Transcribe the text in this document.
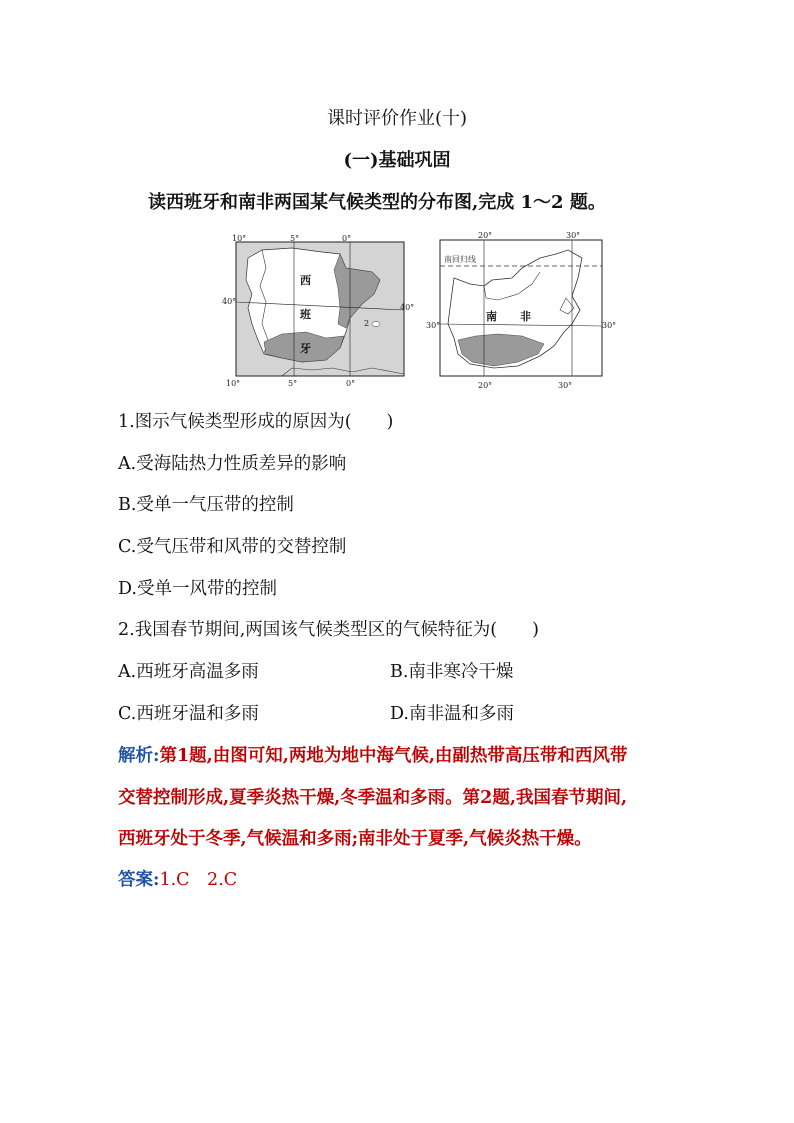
课时评价作业(十)
(一)基础巩固
读西班牙和南非两国某气候类型的分布图,完成 1～2 题。
10°	5°	0°
10°	5°	0°
40°
40°
西
班
牙
2
20°	30°
20°	30°
30°	30°
南回归线
南 非
1.图示气候类型形成的原因为(　　)
A.受海陆热力性质差异的影响
B.受单一气压带的控制
C.受气压带和风带的交替控制
D.受单一风带的控制
2.我国春节期间,两国该气候类型区的气候特征为(　　)
A.西班牙高温多雨	B.南非寒冷干燥
C.西班牙温和多雨	D.南非温和多雨
解析:第1题,由图可知,两地为地中海气候,由副热带高压带和西风带
交替控制形成,夏季炎热干燥,冬季温和多雨。第2题,我国春节期间,
西班牙处于冬季,气候温和多雨;南非处于夏季,气候炎热干燥。
答案:1.C　2.C
